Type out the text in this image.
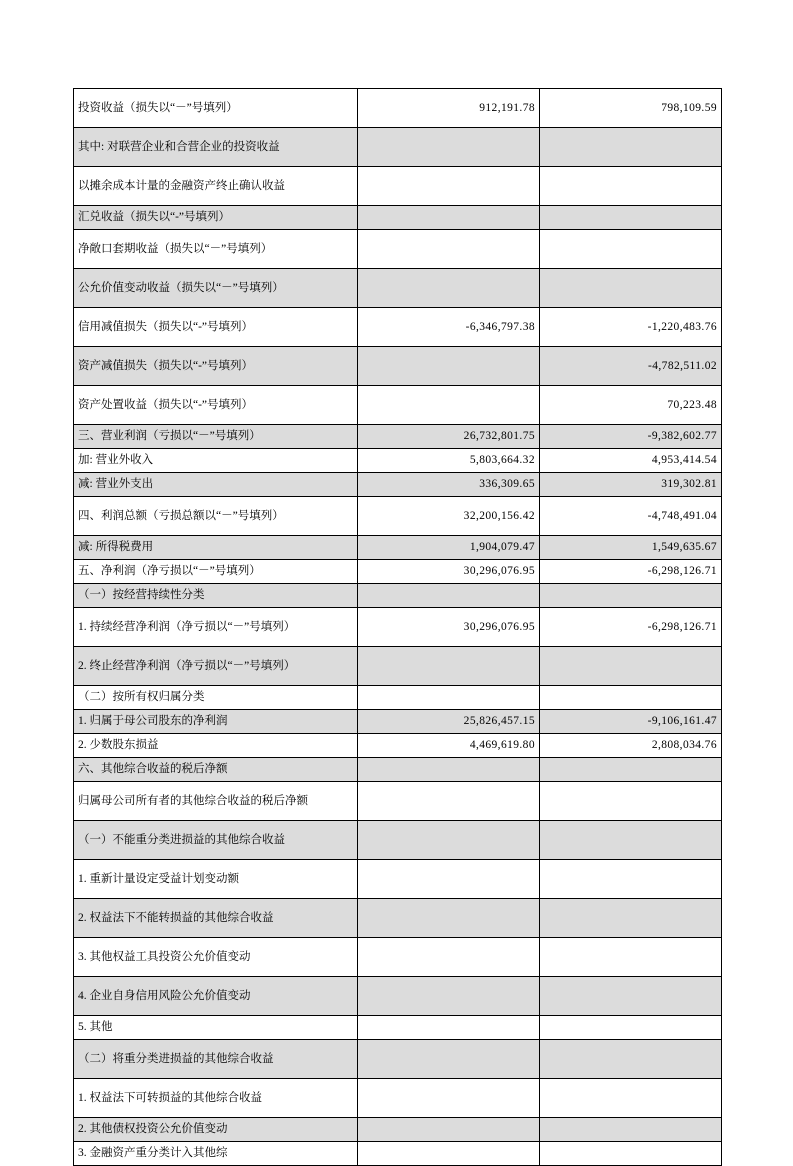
投资收益（损失以“－”号填列）	912,191.78	798,109.59
其中: 对联营企业和合营企业的投资收益		
以摊余成本计量的金融资产终止确认收益		
汇兑收益（损失以“-”号填列）		
净敞口套期收益（损失以“－”号填列）		
公允价值变动收益（损失以“－”号填列）		
信用减值损失（损失以“-”号填列）	-6,346,797.38	-1,220,483.76
资产减值损失（损失以“-”号填列）		-4,782,511.02
资产处置收益（损失以“-”号填列）		70,223.48
三、营业利润（亏损以“－”号填列）	26,732,801.75	-9,382,602.77
加: 营业外收入	5,803,664.32	4,953,414.54
减: 营业外支出	336,309.65	319,302.81
四、利润总额（亏损总额以“－”号填列）	32,200,156.42	-4,748,491.04
减: 所得税费用	1,904,079.47	1,549,635.67
五、净利润（净亏损以“－”号填列）	30,296,076.95	-6,298,126.71
（一）按经营持续性分类		
1. 持续经营净利润（净亏损以“－”号填列）	30,296,076.95	-6,298,126.71
2. 终止经营净利润（净亏损以“－”号填列）		
（二）按所有权归属分类		
1. 归属于母公司股东的净利润	25,826,457.15	-9,106,161.47
2. 少数股东损益	4,469,619.80	2,808,034.76
六、其他综合收益的税后净额		
归属母公司所有者的其他综合收益的税后净额		
（一）不能重分类进损益的其他综合收益		
1. 重新计量设定受益计划变动额		
2. 权益法下不能转损益的其他综合收益		
3. 其他权益工具投资公允价值变动		
4. 企业自身信用风险公允价值变动		
5. 其他		
（二）将重分类进损益的其他综合收益		
1. 权益法下可转损益的其他综合收益		
2. 其他债权投资公允价值变动		
3. 金融资产重分类计入其他综		
